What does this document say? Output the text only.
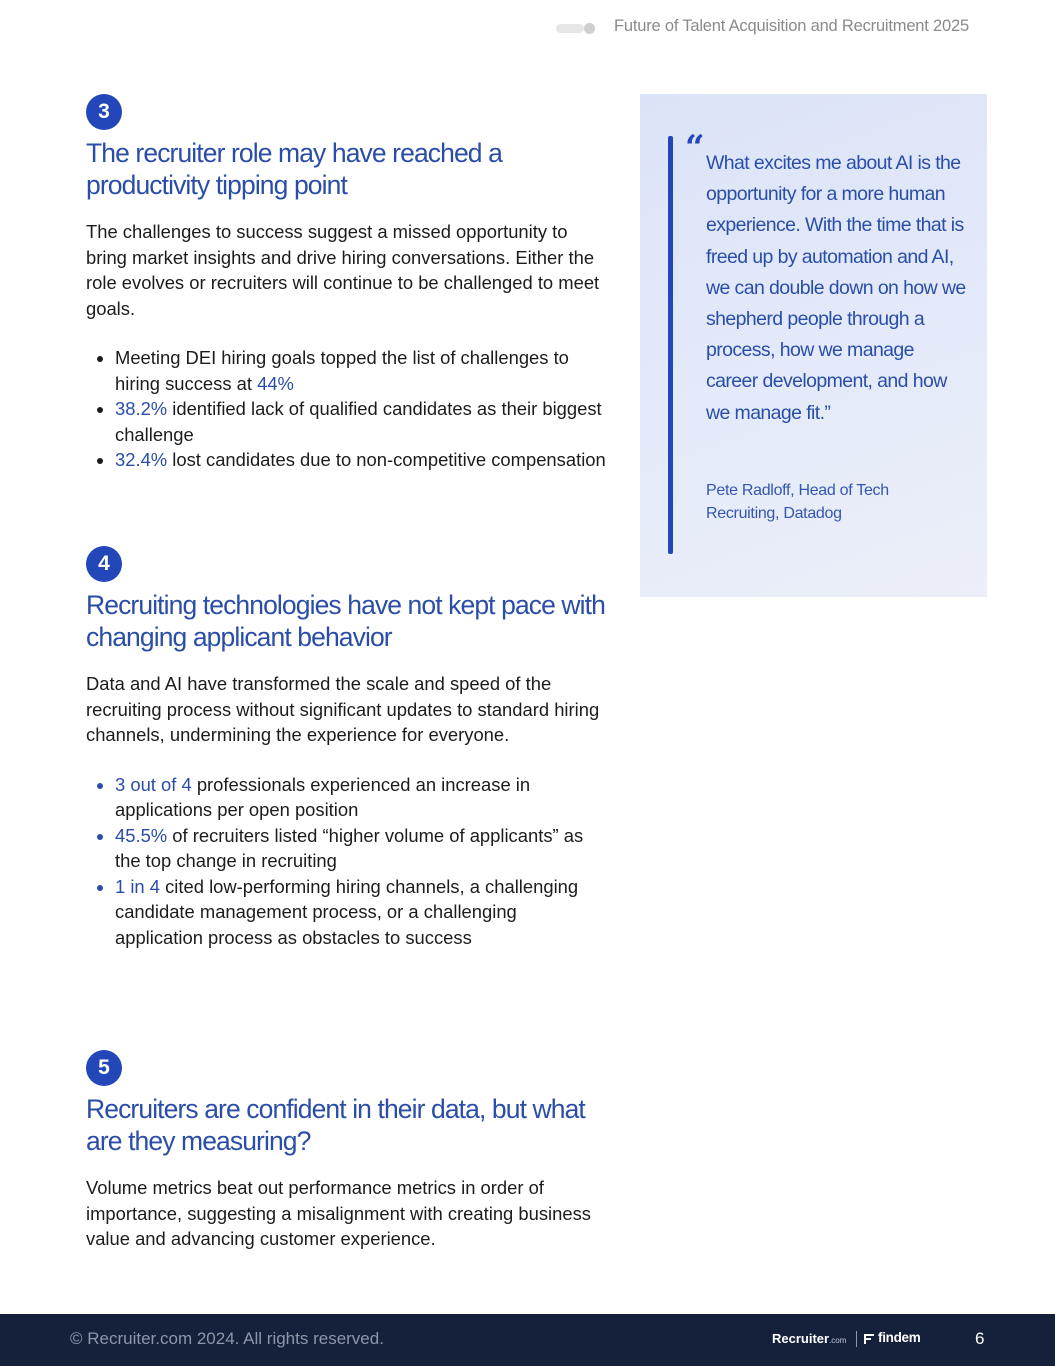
Future of Talent Acquisition and Recruitment 2025
3
The recruiter role may have reached a productivity tipping point

The challenges to success suggest a missed opportunity to bring market insights and drive hiring conversations. Either the role evolves or recruiters will continue to be challenged to meet goals.

Meeting DEI hiring goals topped the list of challenges to hiring success at 44%
38.2% identified lack of qualified candidates as their biggest challenge
32.4% lost candidates due to non-competitive compensation
4
Recruiting technologies have not kept pace with changing applicant behavior

Data and AI have transformed the scale and speed of the recruiting process without significant updates to standard hiring channels, undermining the experience for everyone.

3 out of 4 professionals experienced an increase in applications per open position
45.5% of recruiters listed “higher volume of applicants” as the top change in recruiting
1 in 4 cited low-performing hiring channels, a challenging candidate management process, or a challenging application process as obstacles to success
5
Recruiters are confident in their data, but what are they measuring?

Volume metrics beat out performance metrics in order of importance, suggesting a misalignment with creating business value and advancing customer experience.

“ What excites me about AI is the opportunity for a more human experience. With the time that is freed up by automation and AI, we can double down on how we shepherd people through a process, how we manage career development, and how we manage fit.”
Pete Radloff, Head of Tech Recruiting, Datadog
© Recruiter.com 2024. All rights reserved.	Recruiter.com findem	6
